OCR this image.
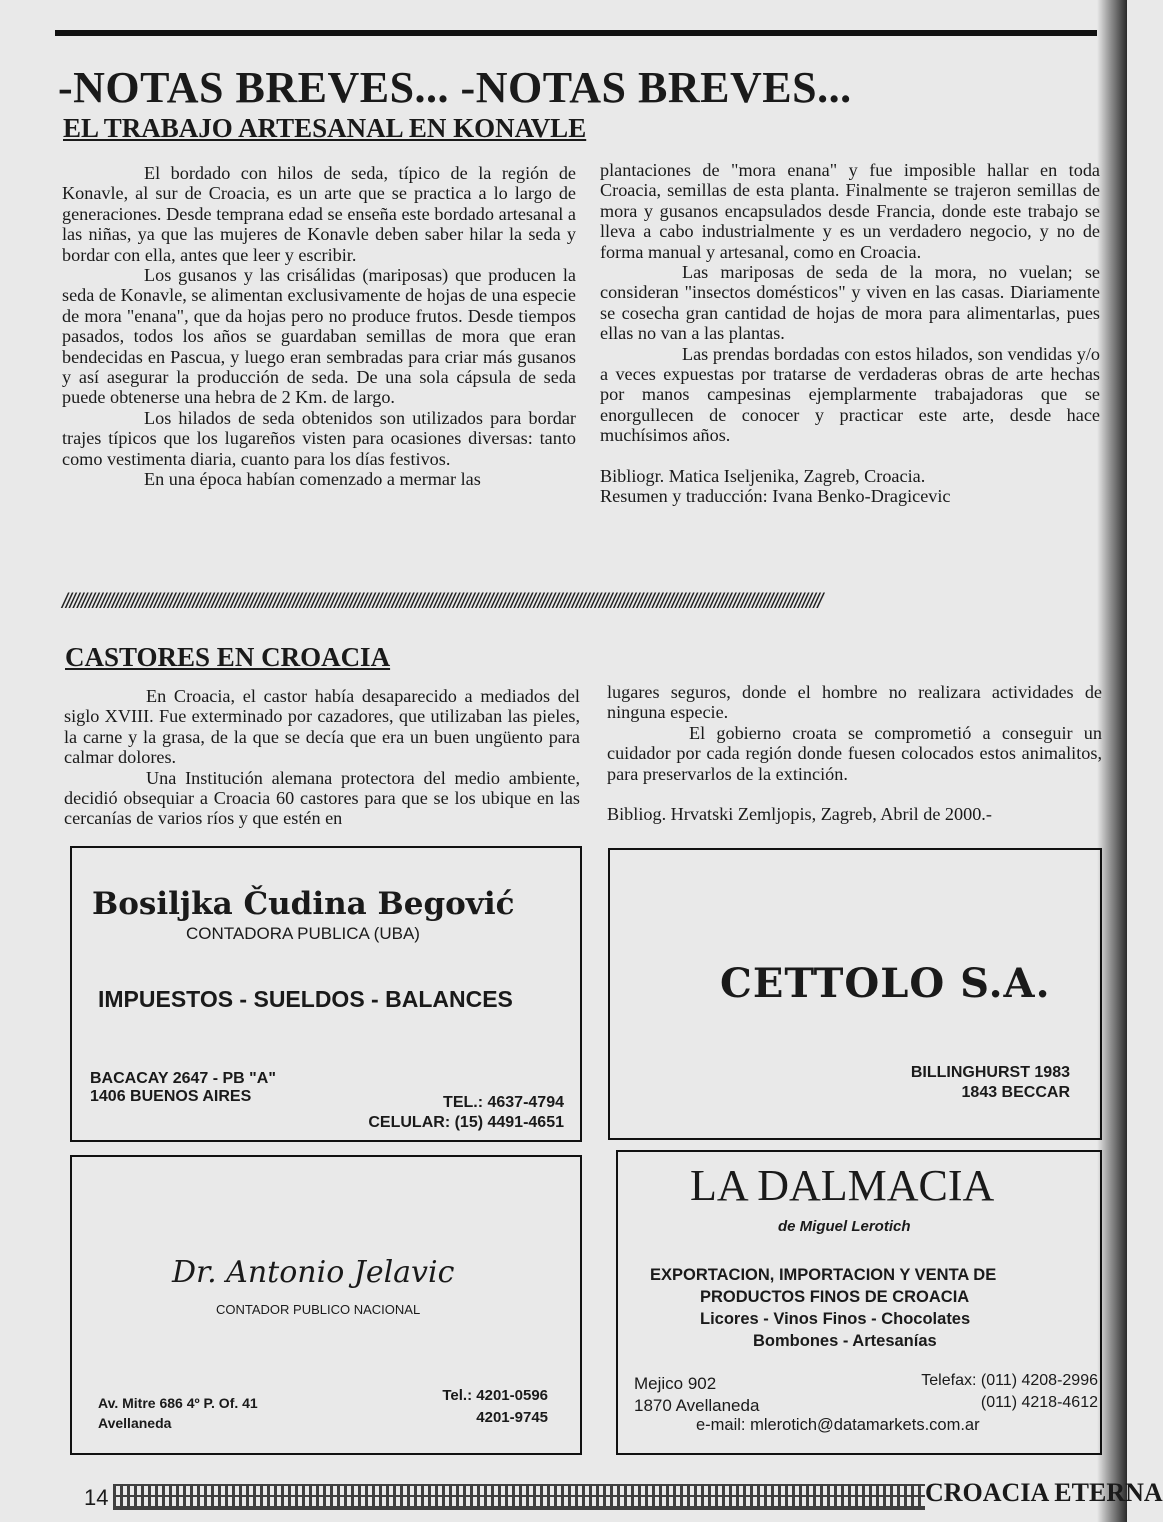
-NOTAS BREVES... -NOTAS BREVES...
EL TRABAJO ARTESANAL EN KONAVLE

El bordado con hilos de seda, típico de la región de Konavle, al sur de Croacia, es un arte que se practica a lo largo de generaciones. Desde temprana edad se enseña este bordado artesanal a las niñas, ya que las mujeres de Konavle deben saber hilar la seda y bordar con ella, antes que leer y escribir.

Los gusanos y las crisálidas (mariposas) que producen la seda de Konavle, se alimentan exclusivamente de hojas de una especie de mora "enana", que da hojas pero no produce frutos. Desde tiempos pasados, todos los años se guardaban semillas de mora que eran bendecidas en Pascua, y luego eran sembradas para criar más gusanos y así asegurar la producción de seda. De una sola cápsula de seda puede obtenerse una hebra de 2 Km. de largo.

Los hilados de seda obtenidos son utilizados para bordar trajes típicos que los lugareños visten para ocasiones diversas: tanto como vestimenta diaria, cuanto para los días festivos.

En una época habían comenzado a mermar las

plantaciones de "mora enana" y fue imposible hallar en toda Croacia, semillas de esta planta. Finalmente se trajeron semillas de mora y gusanos encapsulados desde Francia, donde este trabajo se lleva a cabo industrialmente y es un verdadero negocio, y no de forma manual y artesanal, como en Croacia.

Las mariposas de seda de la mora, no vuelan; se consideran "insectos domésticos" y viven en las casas. Diariamente se cosecha gran cantidad de hojas de mora para alimentarlas, pues ellas no van a las plantas.

Las prendas bordadas con estos hilados, son vendidas y/o a veces expuestas por tratarse de verdaderas obras de arte hechas por manos campesinas ejemplarmente trabajadoras que se enorgullecen de conocer y practicar este arte, desde hace muchísimos años.

Bibliogr. Matica Iseljenika, Zagreb, Croacia.

Resumen y traducción: Ivana Benko-Dragicevic

//////////////////////////////////////////////////////////////////////////////////////////////////////////////////////////////////////////////////////////////////////////////////////////////////////
CASTORES EN CROACIA

En Croacia, el castor había desaparecido a mediados del siglo XVIII. Fue exterminado por cazadores, que utilizaban las pieles, la carne y la grasa, de la que se decía que era un buen ungüento para calmar dolores.

Una Institución alemana protectora del medio ambiente, decidió obsequiar a Croacia 60 castores para que se los ubique en las cercanías de varios ríos y que estén en

lugares seguros, donde el hombre no realizara actividades de ninguna especie.

El gobierno croata se comprometió a conseguir un cuidador por cada región donde fuesen colocados estos animalitos, para preservarlos de la extinción.

Bibliog. Hrvatski Zemljopis, Zagreb, Abril de 2000.-

Bosiljka Čudina Begović
CONTADORA PUBLICA (UBA)
IMPUESTOS - SUELDOS - BALANCES
BACACAY 2647 - PB "A"
1406 BUENOS AIRES	TEL.: 4637-4794
CELULAR: (15) 4491-4651
CETTOLO S.A.
BILLINGHURST 1983
1843 BECCAR
Dr. Antonio Jelavic
CONTADOR PUBLICO NACIONAL
Av. Mitre 686 4º P. Of. 41
Avellaneda
Tel.: 4201-0596
4201-9745
LA DALMACIA
de Miguel Lerotich
EXPORTACION, IMPORTACION Y VENTA DE
PRODUCTOS FINOS DE CROACIA
Licores - Vinos Finos - Chocolates
Bombones - Artesanías
Mejico 902
1870 Avellaneda
Telefax: (011) 4208-2996
(011) 4218-4612
e-mail: mlerotich@datamarkets.com.ar
14	CROACIA ETERNA
